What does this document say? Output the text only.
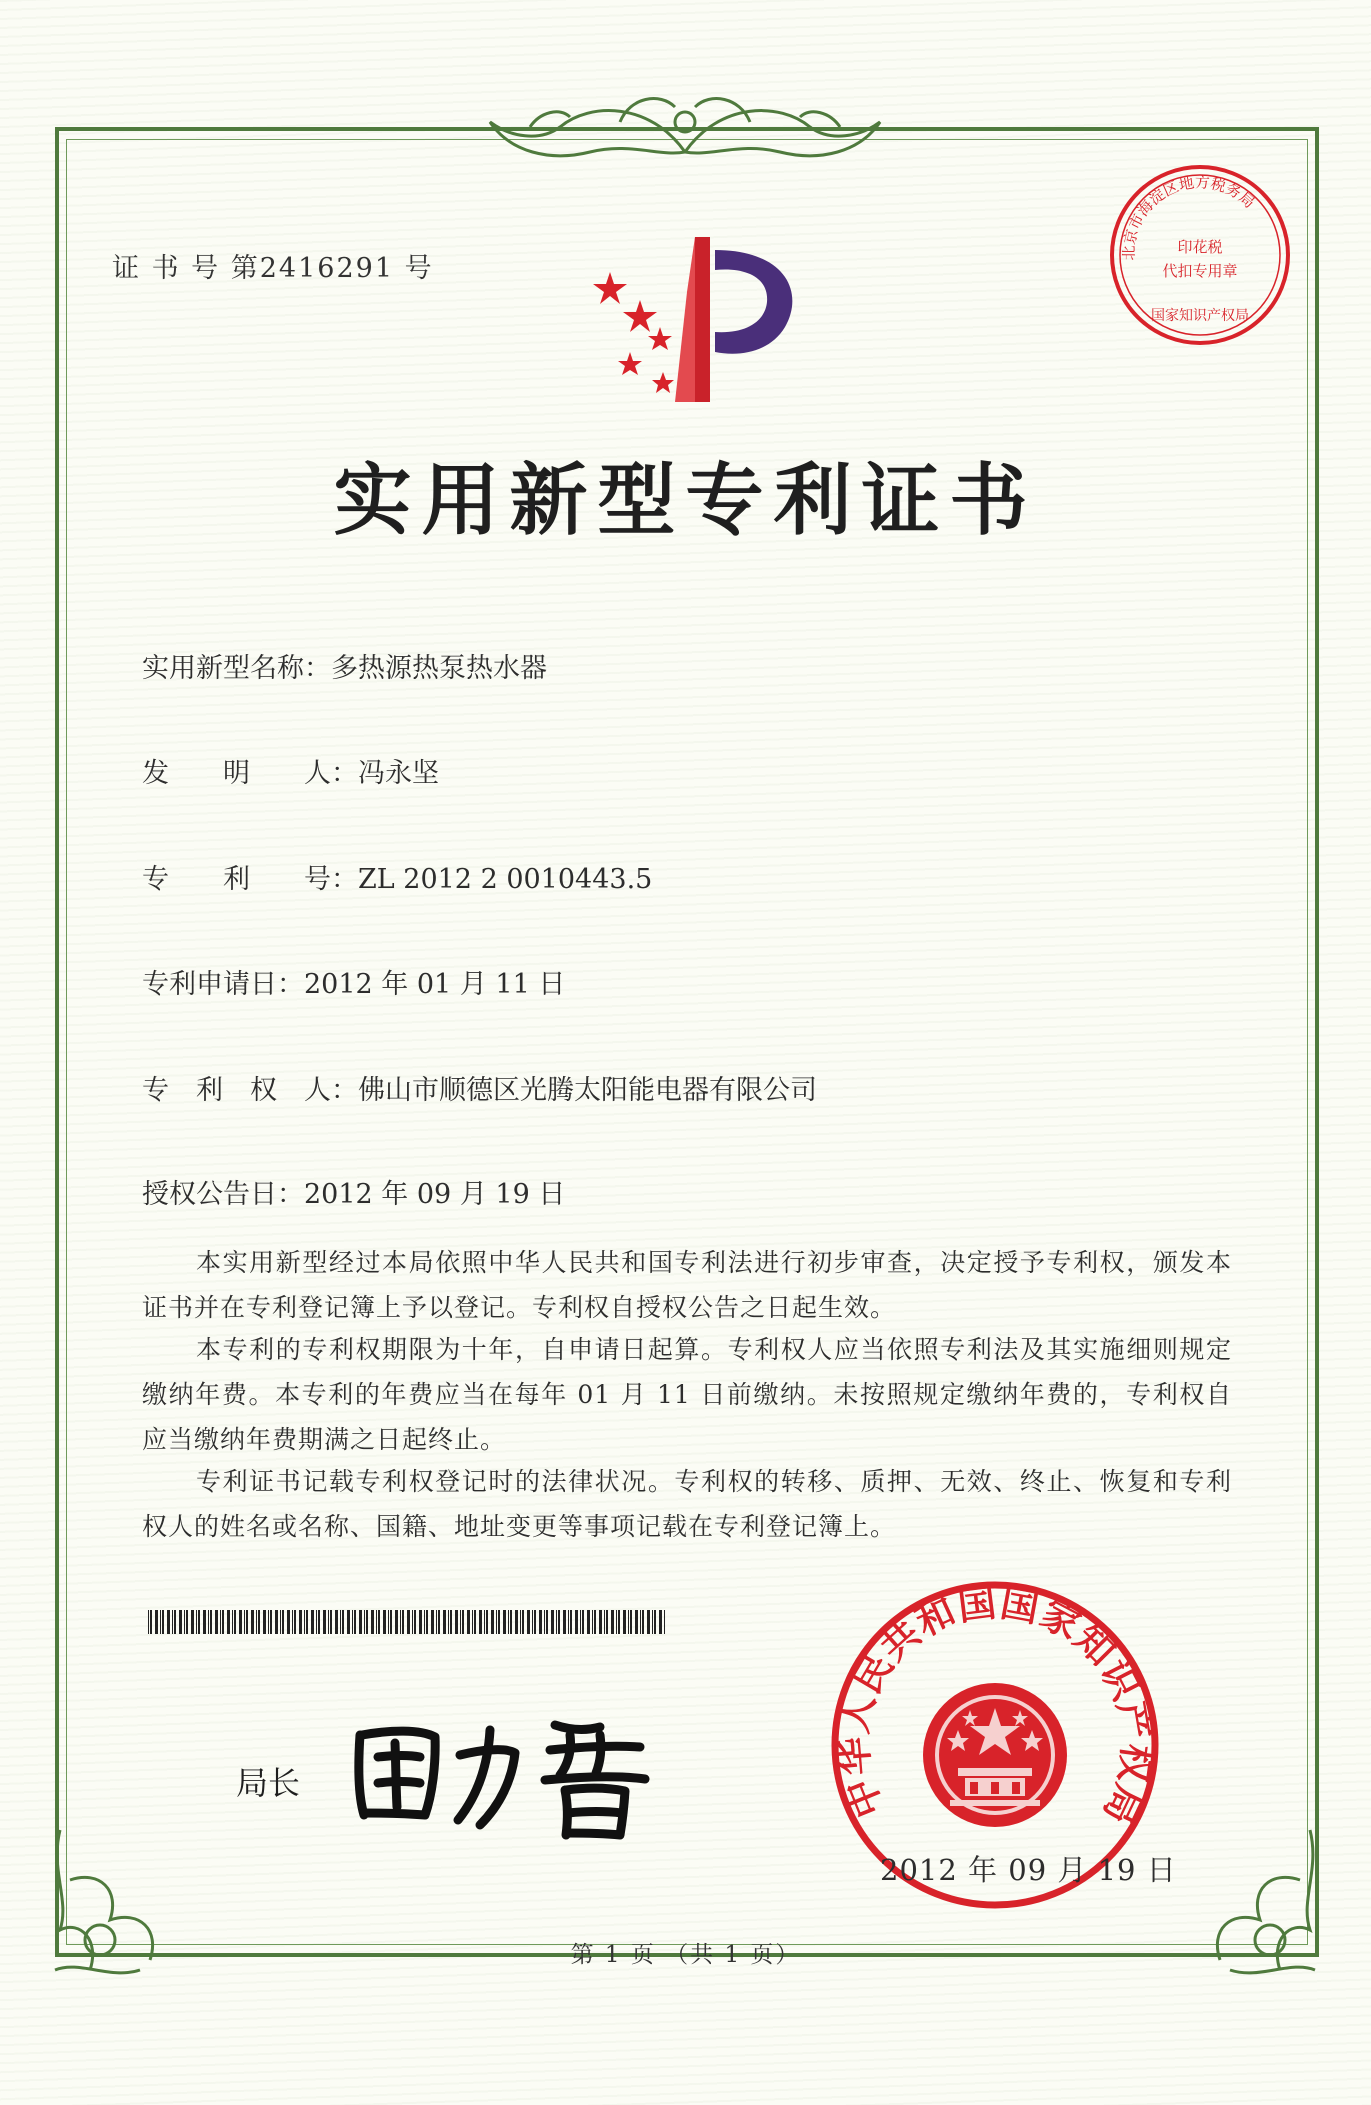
证 书 号 第2416291 号
北京市海淀区地方税务局
印花税
代扣专用章
国家知识产权局
实用新型专利证书
实用新型名称：多热源热泵热水器
发　　明　　人：冯永坚
专　　利　　号：ZL 2012 2 0010443.5
专利申请日：2012 年 01 月 11 日
专　利　权　人：佛山市顺德区光腾太阳能电器有限公司
授权公告日：2012 年 09 月 19 日
本实用新型经过本局依照中华人民共和国专利法进行初步审查，决定授予专利权，颁发本证书并在专利登记簿上予以登记。专利权自授权公告之日起生效。
本专利的专利权期限为十年，自申请日起算。专利权人应当依照专利法及其实施细则规定缴纳年费。本专利的年费应当在每年 01 月 11 日前缴纳。未按照规定缴纳年费的，专利权自应当缴纳年费期满之日起终止。
专利证书记载专利权登记时的法律状况。专利权的转移、质押、无效、终止、恢复和专利权人的姓名或名称、国籍、地址变更等事项记载在专利登记簿上。
局长	中华人民共和国国家知识产权局
2012 年 09 月 19 日
第 1 页 （共 1 页）
